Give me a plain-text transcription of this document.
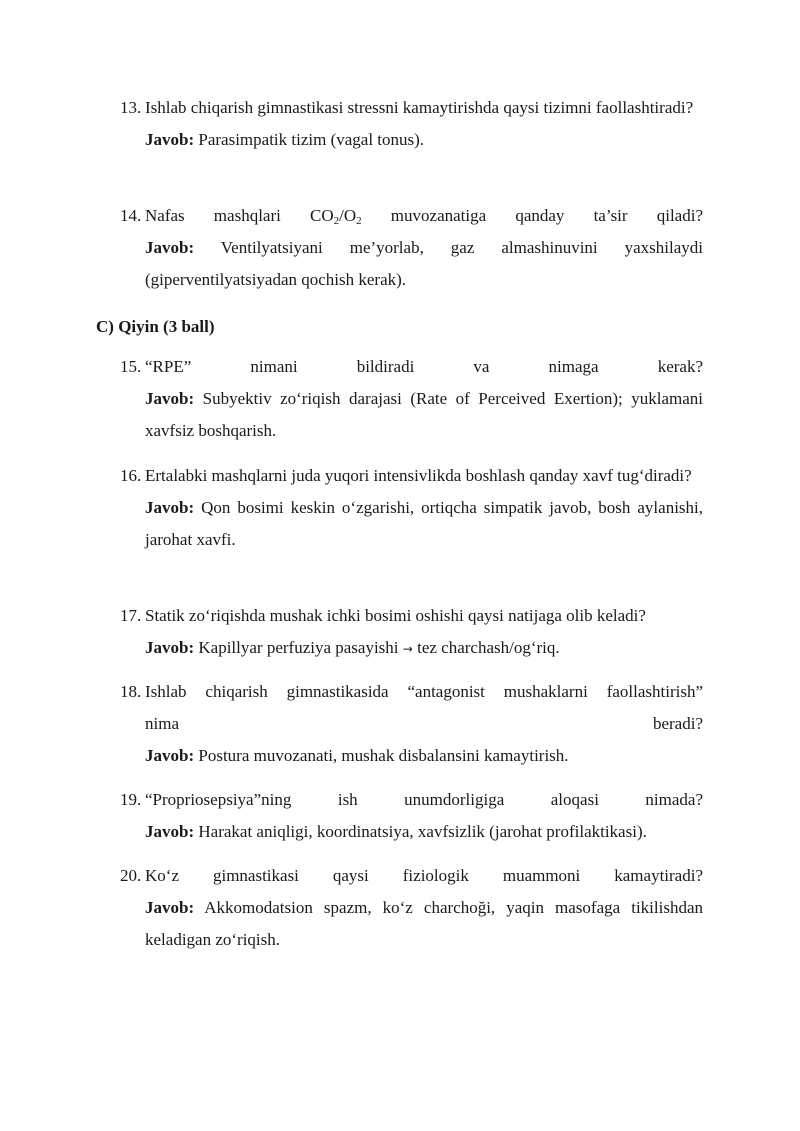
13. Ishlab chiqarish gimnastikasi stressni kamaytirishda qaysi tizimni faollashtiradi?
Javob: Parasimpatik tizim (vagal tonus).
14. Nafas mashqlari $CO_2/O_2$ muvozanatiga qanday ta’sir qiladi?
Javob: Ventilyatsiyani me’yorlab, gaz almashinuvini yaxshilaydi (giperventilyatsiyadan qochish kerak).
C) Qiyin (3 ball)
15. “RPE” nimani bildiradi va nimaga kerak?
Javob: Subyektiv zo‘riqish darajasi (Rate of Perceived Exertion); yuklamani xavfsiz boshqarish.
16. Ertalabki mashqlarni juda yuqori intensivlikda boshlash qanday xavf tug‘diradi?
Javob: Qon bosimi keskin o‘zgarishi, ortiqcha simpatik javob, bosh aylanishi, jarohat xavfi.
17. Statik zo‘riqishda mushak ichki bosimi oshishi qaysi natijaga olib keladi?
Javob: Kapillyar perfuziya pasayishi → tez charchash/og‘riq.
18. Ishlab chiqarish gimnastikasida “antagonist mushaklarni faollashtirish”
nima beradi?
Javob: Postura muvozanati, mushak disbalansini kamaytirish.
19. “Propriosepsiya”ning ish unumdorligiga aloqasi nimada?
Javob: Harakat aniqligi, koordinatsiya, xavfsizlik (jarohat profilaktikasi).
20. Ko‘z gimnastikasi qaysi fiziologik muammoni kamaytiradi?
Javob: Akkomodatsion spazm, ko‘z charchoği, yaqin masofaga tikilishdan keladigan zo‘riqish.
